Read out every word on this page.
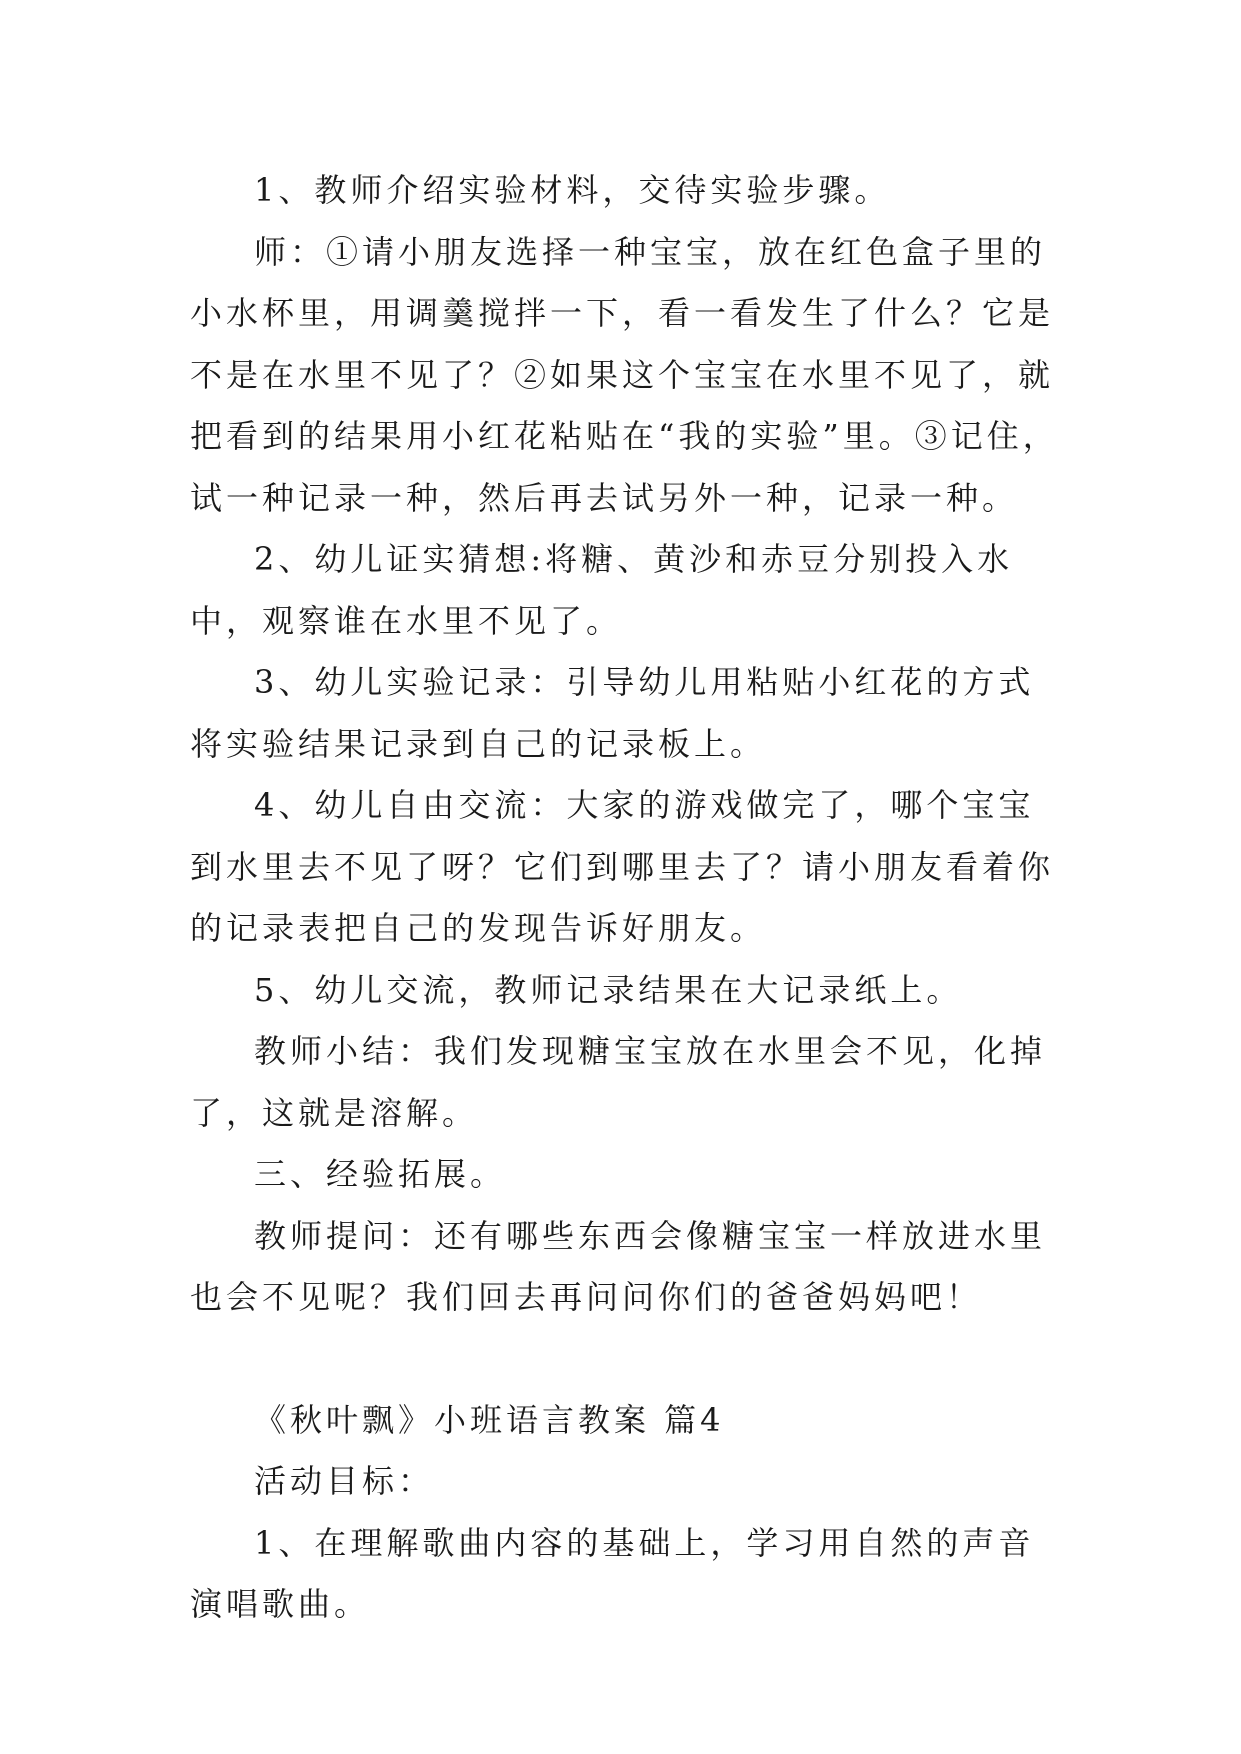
1、教师介绍实验材料，交待实验步骤。

师：①请小朋友选择一种宝宝，放在红色盒子里的小水杯里，用调羹搅拌一下，看一看发生了什么？它是不是在水里不见了？②如果这个宝宝在水里不见了，就把看到的结果用小红花粘贴在“我的实验”里。③记住，试一种记录一种，然后再去试另外一种，记录一种。

2、幼儿证实猜想:将糖、黄沙和赤豆分别投入水中，观察谁在水里不见了。

3、幼儿实验记录：引导幼儿用粘贴小红花的方式将实验结果记录到自己的记录板上。

4、幼儿自由交流：大家的游戏做完了，哪个宝宝到水里去不见了呀？它们到哪里去了？请小朋友看着你的记录表把自己的发现告诉好朋友。

5、幼儿交流，教师记录结果在大记录纸上。

教师小结：我们发现糖宝宝放在水里会不见，化掉了，这就是溶解。

三、经验拓展。

教师提问：还有哪些东西会像糖宝宝一样放进水里也会不见呢？我们回去再问问你们的爸爸妈妈吧！

《秋叶飘》小班语言教案 篇4

活动目标：

1、在理解歌曲内容的基础上，学习用自然的声音演唱歌曲。
